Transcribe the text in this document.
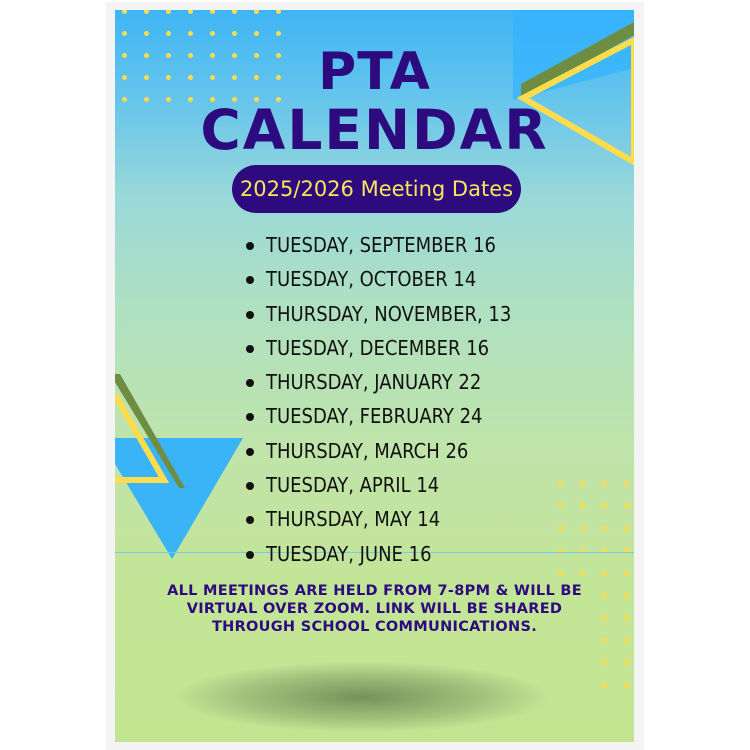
PTA
CALENDAR
2025/2026 Meeting Dates
TUESDAY, SEPTEMBER 16
TUESDAY, OCTOBER 14
THURSDAY, NOVEMBER, 13
TUESDAY, DECEMBER 16
THURSDAY, JANUARY 22
TUESDAY, FEBRUARY 24
THURSDAY, MARCH 26
TUESDAY, APRIL 14
THURSDAY, MAY 14
TUESDAY, JUNE 16
ALL MEETINGS ARE HELD FROM 7-8PM & WILL BE VIRTUAL OVER ZOOM. LINK WILL BE SHARED THROUGH SCHOOL COMMUNICATIONS.
